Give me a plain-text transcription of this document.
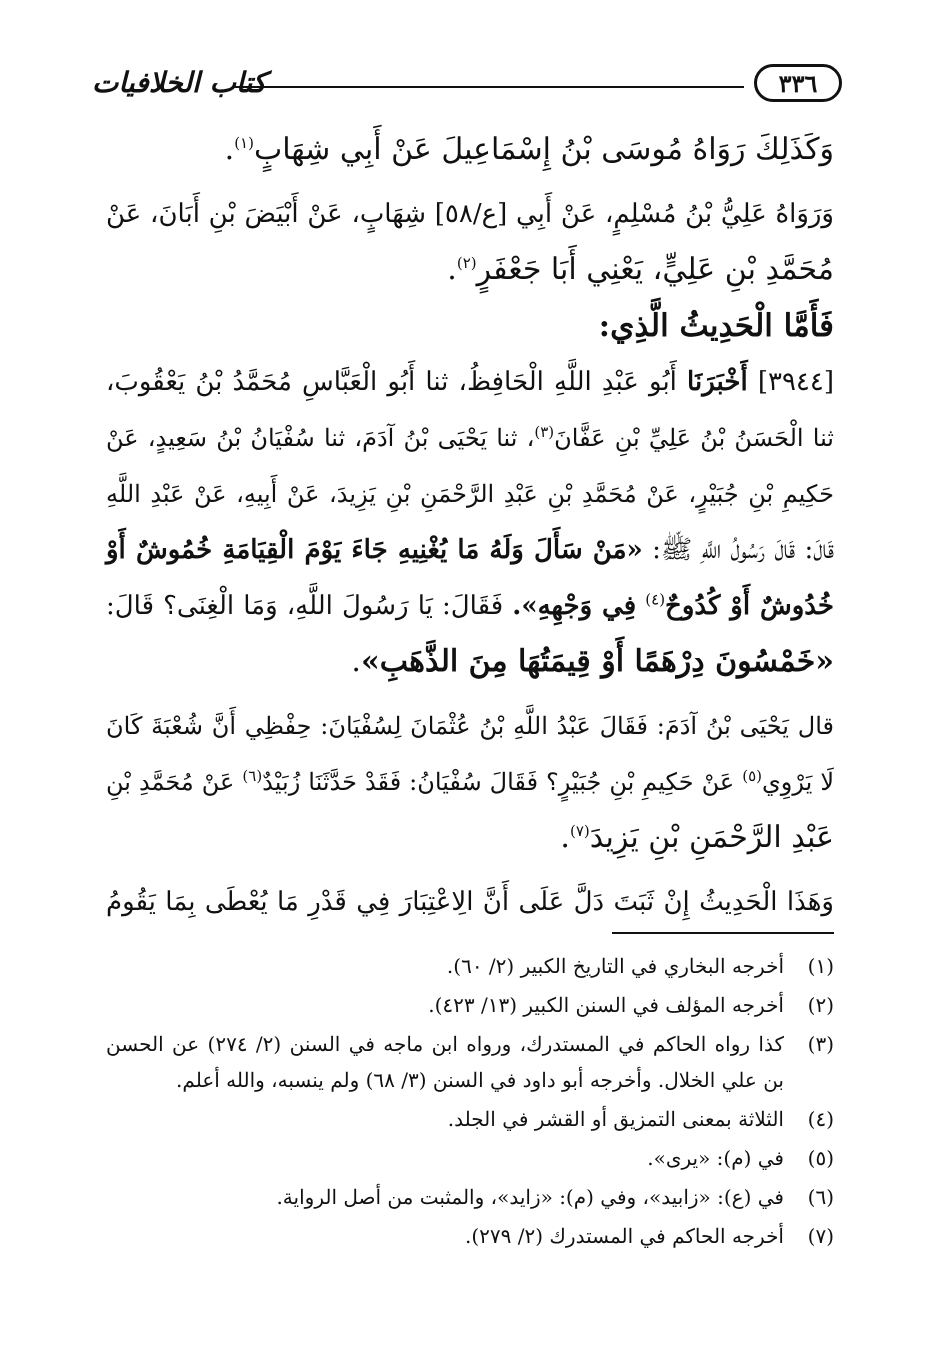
٣٣٦
كتاب الخلافيات
وَكَذَلِكَ رَوَاهُ مُوسَى بْنُ إِسْمَاعِيلَ عَنْ أَبِي شِهَابٍ$^{(١)}$.
وَرَوَاهُ عَلِيُّ بْنُ مُسْلِمٍ، عَنْ أَبِي [ع/٥٨] شِهَابٍ، عَنْ أَبْيَضَ بْنِ أَبَانَ، عَنْ
مُحَمَّدِ بْنِ عَلِيٍّ، يَعْنِي أَبَا جَعْفَرٍ$^{(٢)}$.
فَأَمَّا الْحَدِيثُ الَّذِي:
[٣٩٤٤] أَخْبَرَنَا أَبُو عَبْدِ اللَّهِ الْحَافِظُ، ثنا أَبُو الْعَبَّاسِ مُحَمَّدُ بْنُ يَعْقُوبَ،
ثنا الْحَسَنُ بْنُ عَلِيِّ بْنِ عَفَّانَ$^{(٣)}$، ثنا يَحْيَى بْنُ آدَمَ، ثنا سُفْيَانُ بْنُ سَعِيدٍ، عَنْ
حَكِيمِ بْنِ جُبَيْرٍ، عَنْ مُحَمَّدِ بْنِ عَبْدِ الرَّحْمَنِ بْنِ يَزِيدَ، عَنْ أَبِيهِ، عَنْ عَبْدِ اللَّهِ
قَالَ: قَالَ رَسُولُ اللَّهِ ﷺ: «مَنْ سَأَلَ وَلَهُ مَا يُغْنِيهِ جَاءَ يَوْمَ الْقِيَامَةِ خُمُوشٌ أَوْ
خُدُوشٌ أَوْ كُدُوحٌ$^{(٤)}$ فِي وَجْهِهِ». فَقَالَ: يَا رَسُولَ اللَّهِ، وَمَا الْغِنَى؟ قَالَ:
«خَمْسُونَ دِرْهَمًا أَوْ قِيمَتُهَا مِنَ الذَّهَبِ».
قال يَحْيَى بْنُ آدَمَ: فَقَالَ عَبْدُ اللَّهِ بْنُ عُثْمَانَ لِسُفْيَانَ: حِفْظِي أَنَّ شُعْبَةَ كَانَ
لَا يَرْوِي$^{(٥)}$ عَنْ حَكِيمِ بْنِ جُبَيْرٍ؟ فَقَالَ سُفْيَانُ: فَقَدْ حَدَّثَنَا زُبَيْدٌ$^{(٦)}$ عَنْ مُحَمَّدِ بْنِ
عَبْدِ الرَّحْمَنِ بْنِ يَزِيدَ$^{(٧)}$.
وَهَذَا الْحَدِيثُ إِنْ ثَبَتَ دَلَّ عَلَى أَنَّ الِاعْتِبَارَ فِي قَدْرِ مَا يُعْطَى بِمَا يَقُومُ
(١)
أخرجه البخاري في التاريخ الكبير (٢/ ٦٠).
(٢)
أخرجه المؤلف في السنن الكبير (١٣/ ٤٢٣).
(٣)
كذا رواه الحاكم في المستدرك، ورواه ابن ماجه في السنن (٢/ ٢٧٤) عن الحسن بن علي الخلال. وأخرجه أبو داود في السنن (٣/ ٦٨) ولم ينسبه، والله أعلم.
(٤)
الثلاثة بمعنى التمزيق أو القشر في الجلد.
(٥)
في (م): «يرى».
(٦)
في (ع): «زابيد»، وفي (م): «زايد»، والمثبت من أصل الرواية.
(٧)
أخرجه الحاكم في المستدرك (٢/ ٢٧٩).
